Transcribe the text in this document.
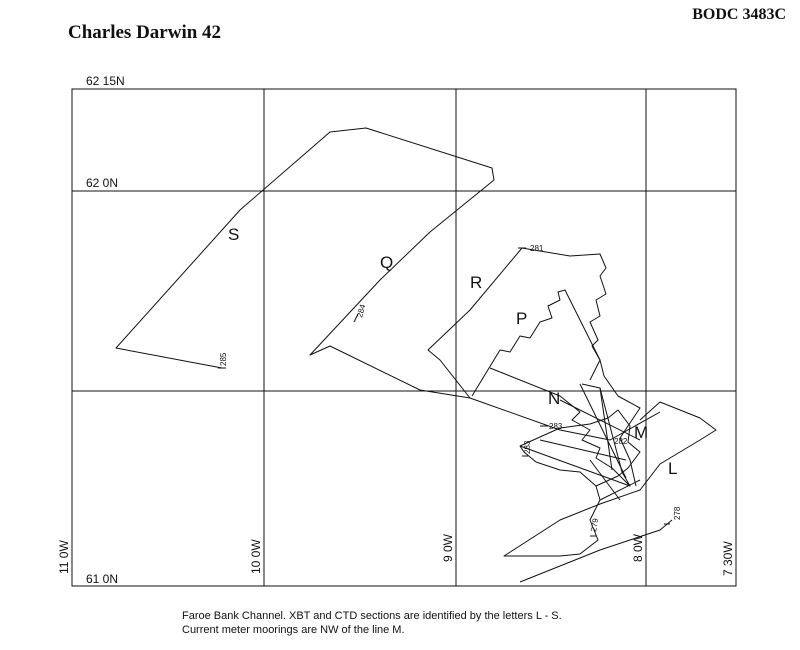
Charles Darwin 42
BODC 3483C
62 15N
62 0N
61 0N
11 0W	10 0W	9 0W	8 0W	7 30W
285
284
281
283
283	282
279
278
S
Q
R
P
N
M
L
Faroe Bank Channel. XBT and CTD sections are identified by the letters L - S.
Current meter moorings are NW of the line M.
